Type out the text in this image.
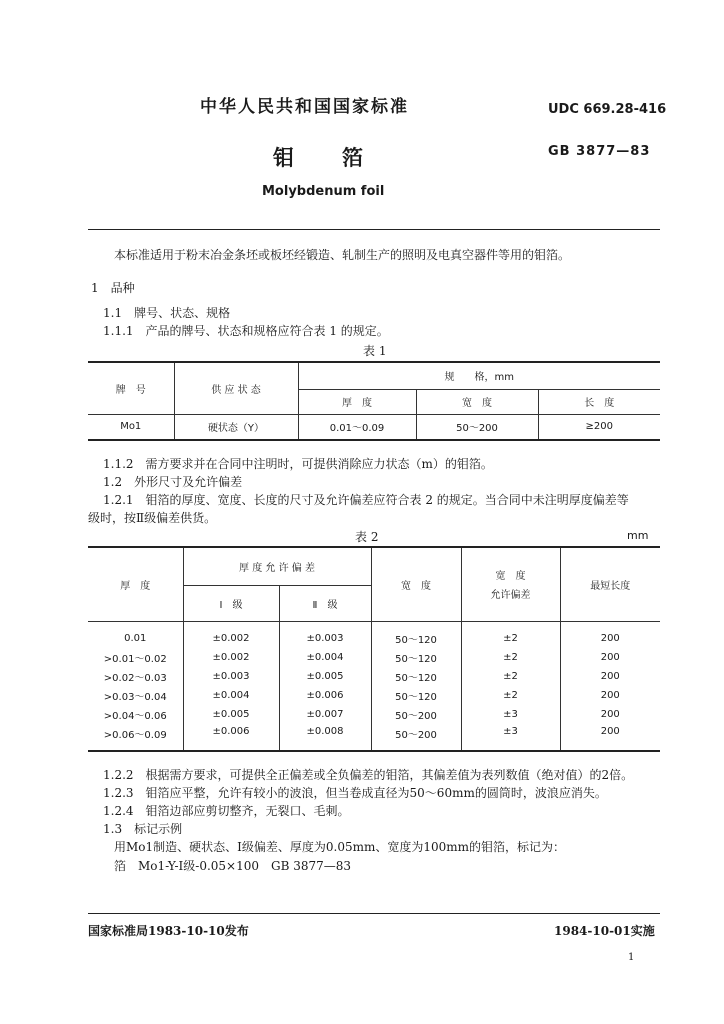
中华人民共和国国家标准	UDC 669.28-416
钼箔	GB 3877—83
Molybdenum foil
本标准适用于粉末冶金条坯或板坯经锻造、轧制生产的照明及电真空器件等用的钼箔。
1　品种
1.1　牌号、状态、规格
1.1.1　产品的牌号、状态和规格应符合表 1 的规定。
表 1
牌　号	供 应 状 态	规　　格，mm		
		厚　度	宽　度	长　度
Mo1	硬状态（Y）	0.01～0.09	50～200	≥200
1.1.2　需方要求并在合同中注明时，可提供消除应力状态（m）的钼箔。
1.2　外形尺寸及允许偏差
1.2.1　钼箔的厚度、宽度、长度的尺寸及允许偏差应符合表 2 的规定。当合同中未注明厚度偏差等
级时，按Ⅱ级偏差供货。
表 2	mm
厚　度	厚 度 允 许 偏 差		宽　度	宽　度
允许偏差	最短长度
	Ⅰ　级	Ⅱ　级			

0.01	±0.002	±0.003	50～120	±2	200
>0.01～0.02	±0.002	±0.004	50～120	±2	200
>0.02～0.03	±0.003	±0.005	50～120	±2	200
>0.03～0.04	±0.004	±0.006	50～120	±2	200
>0.04～0.06	±0.005	±0.007	50～200	±3	200
>0.06～0.09	±0.006	±0.008	50～200	±3	200
1.2.2　根据需方要求，可提供全正偏差或全负偏差的钼箔，其偏差值为表列数值（绝对值）的2倍。
1.2.3　钼箔应平整，允许有较小的波浪，但当卷成直径为50～60mm的圆筒时，波浪应消失。
1.2.4　钼箔边部应剪切整齐，无裂口、毛刺。
1.3　标记示例
用Mo1制造、硬状态、Ⅰ级偏差、厚度为0.05mm、宽度为100mm的钼箔，标记为：
箔　Mo1-Y-Ⅰ级-0.05×100　GB 3877—83
国家标准局1983-10-10发布	1984-10-01实施
1
